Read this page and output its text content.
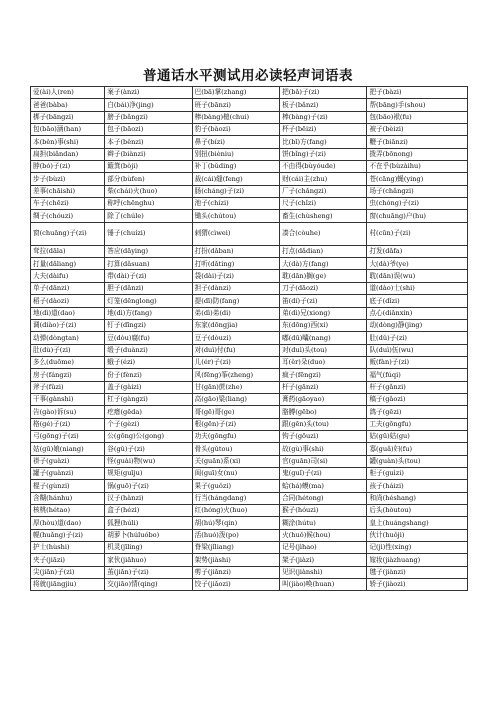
普通话水平测试用必读轻声词语表
爱(ài)人(ren)	案子(ànzi)	巴(bā)掌(zhang)	把(bǎ)子(zi)	把子(bàzi)
爸爸(bàba)	白(bái)净(jing)	班子(bānzi)	板子(bǎnzi)	帮(bāng)手(shou)
梆子(bāngzi)	膀子(bǎngzi)	棒(bàng)槌(chui)	棒(bàng)子(zi)	包(bāo)袱(fu)
包(bāo)涵(han)	包子(bāozi)	豹子(bàozi)	杯子(bēizi)	被子(bèizi)
本(běn)事(shi)	本子(běnzi)	鼻子(bízi)	比(bǐ)方(fang)	鞭子(biānzi)
扁担(biǎndan)	辫子(biànzi)	别扭(bièniu)	饼(bǐng)子(zi)	拨弄(bōnong)
脖(bó)子(zi)	簸箕(bòji)	补丁(bǔding)	不由得(bùyóude)	不在乎(bùzàihu)
步子(bùzi)	部分(bùfen)	裁(cái)缝(feng)	财(cái)主(zhu)	苍(cāng)蝇(ying)
差事(chāishi)	柴(chái)火(huo)	肠(cháng)子(zi)	厂子(chǎngzi)	场子(chǎngzi)
车子(chēzi)	称呼(chēnghu)	池子(chízi)	尺子(chǐzi)	虫(chóng)子(zi)
绸子(chóuzi)	除了(chúle)	锄头(chútou)	畜生(chùsheng)	窗(chuāng)户(hu)
窗(chuāng)子(zi)	锤子(chuízi)	刺猬(cìwei)	凑合(còuhe)	村(cūn)子(zi)
耷拉(dāla)	答应(dāying)	打扮(dǎban)	打点(dǎdian)	打发(dǎfa)
打量(dǎliang)	打算(dǎsuan)	打听(dǎting)	大(dà)方(fang)	大(dà)爷(ye)
大夫(dàifu)	带(dài)子(zi)	袋(dài)子(zi)	耽(dān)搁(ge)	耽(dān)误(wu)
单子(dānzi)	胆子(dǎnzi)	担子(dànzi)	刀子(dāozi)	道(dào)士(shi)
稻子(dàozi)	灯笼(dēnglong)	提(dī)防(fang)	笛(dí)子(zi)	底子(dǐzi)
地(dì)道(dao)	地(dì)方(fang)	弟(dì)弟(di)	弟(dì)兄(xiong)	点心(diǎnxin)
调(diào)子(zi)	钉子(dīngzi)	东家(dōngjia)	东(dōng)西(xi)	动(dòng)静(jing)
动弹(dòngtan)	豆(dòu)腐(fu)	豆子(dòuzi)	嘟(dū)囔(nang)	肚(dǔ)子(zi)
肚(dù)子(zi)	缎子(duànzi)	对(duì)付(fu)	对(duì)头(tou)	队(duì)伍(wu)
多么(duōme)	蛾子(ézi)	儿(ér)子(zi)	耳(ěr)朵(duo)	贩(fàn)子(zi)
房子(fángzi)	份子(fènzi)	风(fēng)筝(zheng)	疯子(fēngzi)	福气(fúqi)
斧子(fǔzi)	盖子(gàizi)	甘(gān)蔗(zhe)	杆子(gānzi)	杆子(gǎnzi)
干事(gànshi)	杠子(gàngzi)	高(gāo)粱(liang)	膏药(gāoyao)	稿子(gǎozi)
告(gào)诉(su)	疙瘩(gēda)	哥(gē)哥(ge)	胳膊(gēbo)	鸽子(gēzi)
格(gé)子(zi)	个子(gèzi)	根(gēn)子(zi)	跟(gēn)头(tou)	工夫(gōngfu)
弓(gōng)子(zi)	公(gōng)公(gong)	功夫(gōngfu)	钩子(gōuzi)	姑(gū)姑(gu)
姑(gū)娘(niang)	谷(gǔ)子(zi)	骨头(gǔtou)	故(gù)事(shi)	寡(guǎ)妇(fu)
褂子(guàzi)	怪(guài)物(wu)	关(guān)系(xi)	官(guān)司(si)	罐(guàn)头(tou)
罐子(guànzi)	规矩(guīju)	闺(guī)女(nu)	鬼(guǐ)子(zi)	柜子(guìzi)
棍子(gùnzi)	锅(guō)子(zi)	果子(guǒzi)	蛤(há)蟆(ma)	孩子(háizi)
含糊(hánhu)	汉子(hànzi)	行当(hángdang)	合同(hétong)	和尚(héshang)
核桃(hétao)	盒子(hézi)	红(hóng)火(huo)	猴子(hóuzi)	后头(hòutou)
厚(hòu)道(dao)	狐狸(húli)	胡(hú)琴(qin)	糊涂(hútu)	皇上(huángshang)
幌(huǎng)子(zi)	胡萝卜(húluóbo)	活(huó)泼(po)	火(huǒ)候(hou)	伙计(huǒji)
护士(hùshi)	机灵(jīling)	脊梁(jǐliang)	记号(jìhao)	记(jì)性(xing)
夹子(jiāzi)	家伙(jiāhuo)	架势(jiàshi)	架子(jiàzi)	嫁妆(jiàzhuang)
尖(jiān)子(zi)	茧(jiǎn)子(zi)	剪子(jiǎnzi)	见识(jiànshi)	毽子(jiànzi)
将就(jiāngjiu)	交(jiāo)情(qing)	饺子(jiǎozi)	叫(jiào)唤(huan)	轿子(jiàozi)
